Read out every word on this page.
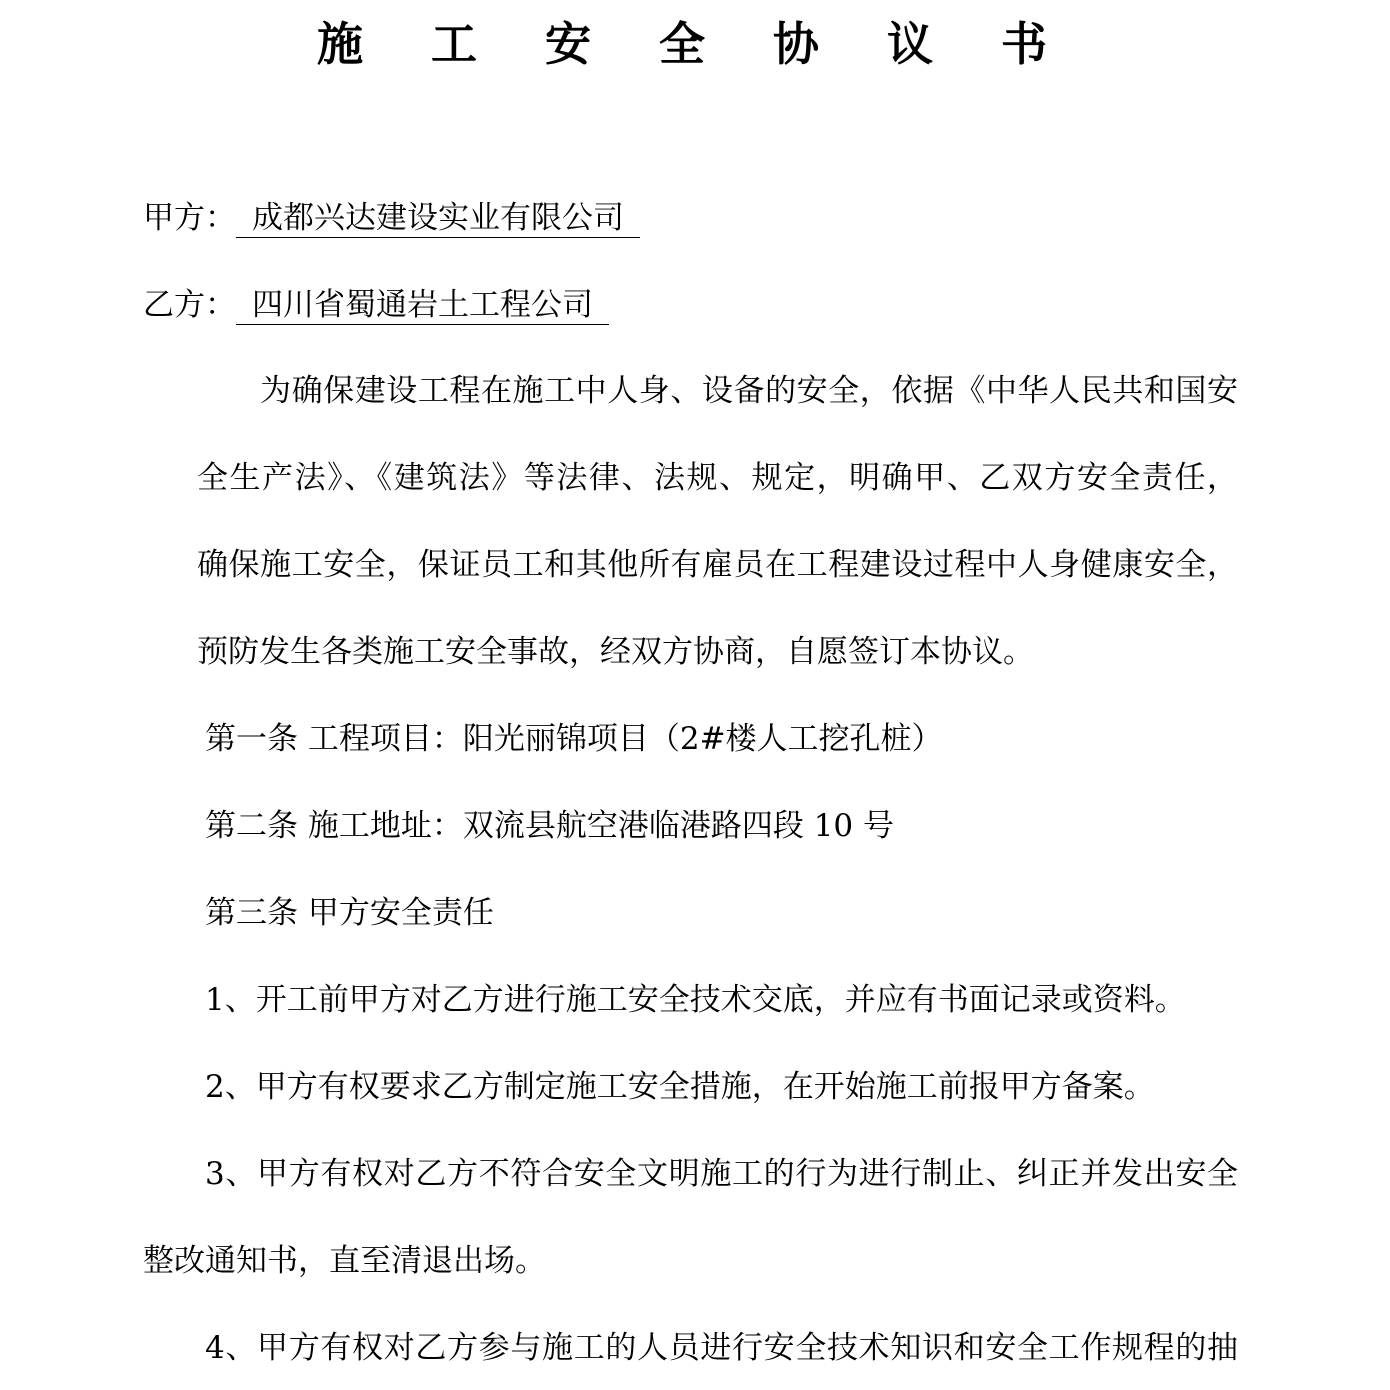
施 工 安 全 协 议 书
甲方： 成都兴达建设实业有限公司
乙方： 四川省蜀通岩土工程公司
为确保建设工程在施工中人身、设备的安全，依据《中华人民共和国安
全生产法》、《建筑法》等法律、法规、规定，明确甲、乙双方安全责任，
确保施工安全，保证员工和其他所有雇员在工程建设过程中人身健康安全，
预防发生各类施工安全事故，经双方协商，自愿签订本协议。
第一条 工程项目：阳光丽锦项目（2#楼人工挖孔桩）
第二条 施工地址：双流县航空港临港路四段 10 号
第三条 甲方安全责任
1、开工前甲方对乙方进行施工安全技术交底，并应有书面记录或资料。
2、甲方有权要求乙方制定施工安全措施，在开始施工前报甲方备案。
3、甲方有权对乙方不符合安全文明施工的行为进行制止、纠正并发出安全
整改通知书，直至清退出场。
4、甲方有权对乙方参与施工的人员进行安全技术知识和安全工作规程的抽
